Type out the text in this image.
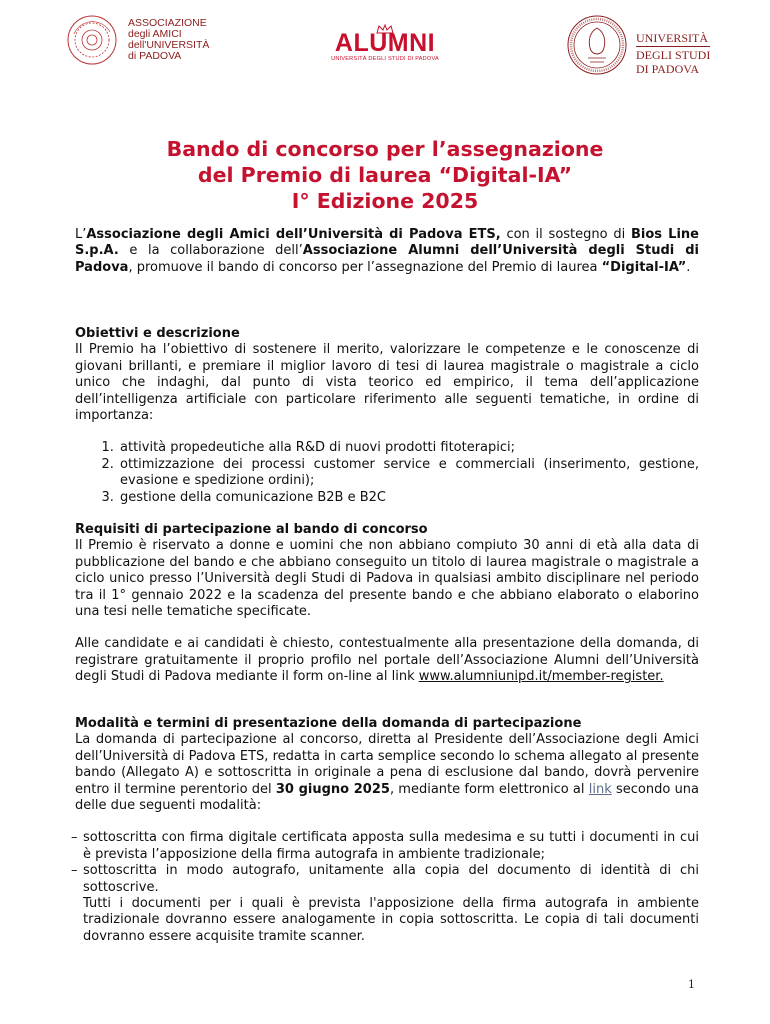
ASSOCIAZIONE
degli AMICI
dell'UNIVERSITÀ
di PADOVA	ALUMNI
UNIVERSITÀ DEGLI STUDI DI PADOVA
UNIVERSITÀ
DEGLI STUDI
DI PADOVA
Bando di concorso per l’assegnazione
del Premio di laurea “Digital-IA”
I° Edizione 2025

L’Associazione degli Amici dell’Università di Padova ETS, con il sostegno di Bios Line S.p.A. e la collaborazione dell’Associazione Alumni dell’Università degli Studi di Padova, promuove il bando di concorso per l’assegnazione del Premio di laurea “Digital-IA”.

Obiettivi e descrizione

Il Premio ha l’obiettivo di sostenere il merito, valorizzare le competenze e le conoscenze di giovani brillanti, e premiare il miglior lavoro di tesi di laurea magistrale o magistrale a ciclo unico che indaghi, dal punto di vista teorico ed empirico, il tema dell’applicazione dell’intelligenza artificiale con particolare riferimento alle seguenti tematiche, in ordine di importanza:

1. attività propedeutiche alla R&D di nuovi prodotti fitoterapici;
2. ottimizzazione dei processi customer service e commerciali (inserimento, gestione, evasione e spedizione ordini);
3. gestione della comunicazione B2B e B2C

Requisiti di partecipazione al bando di concorso

Il Premio è riservato a donne e uomini che non abbiano compiuto 30 anni di età alla data di pubblicazione del bando e che abbiano conseguito un titolo di laurea magistrale o magistrale a ciclo unico presso l’Università degli Studi di Padova in qualsiasi ambito disciplinare nel periodo tra il 1° gennaio 2022 e la scadenza del presente bando e che abbiano elaborato o elaborino una tesi nelle tematiche specificate.

Alle candidate e ai candidati è chiesto, contestualmente alla presentazione della domanda, di registrare gratuitamente il proprio profilo nel portale dell’Associazione Alumni dell’Università degli Studi di Padova mediante il form on-line al link www.alumniunipd.it/member-register.

Modalità e termini di presentazione della domanda di partecipazione

La domanda di partecipazione al concorso, diretta al Presidente dell’Associazione degli Amici dell’Università di Padova ETS, redatta in carta semplice secondo lo schema allegato al presente bando (Allegato A) e sottoscritta in originale a pena di esclusione dal bando, dovrà pervenire entro il termine perentorio del 30 giugno 2025, mediante form elettronico al link secondo una delle due seguenti modalità:

– sottoscritta con firma digitale certificata apposta sulla medesima e su tutti i documenti in cui è prevista l’apposizione della firma autografa in ambiente tradizionale;
– sottoscritta in modo autografo, unitamente alla copia del documento di identità di chi sottoscrive.
Tutti i documenti per i quali è prevista l'apposizione della firma autografa in ambiente tradizionale dovranno essere analogamente in copia sottoscritta. Le copia di tali documenti dovranno essere acquisite tramite scanner.
1
